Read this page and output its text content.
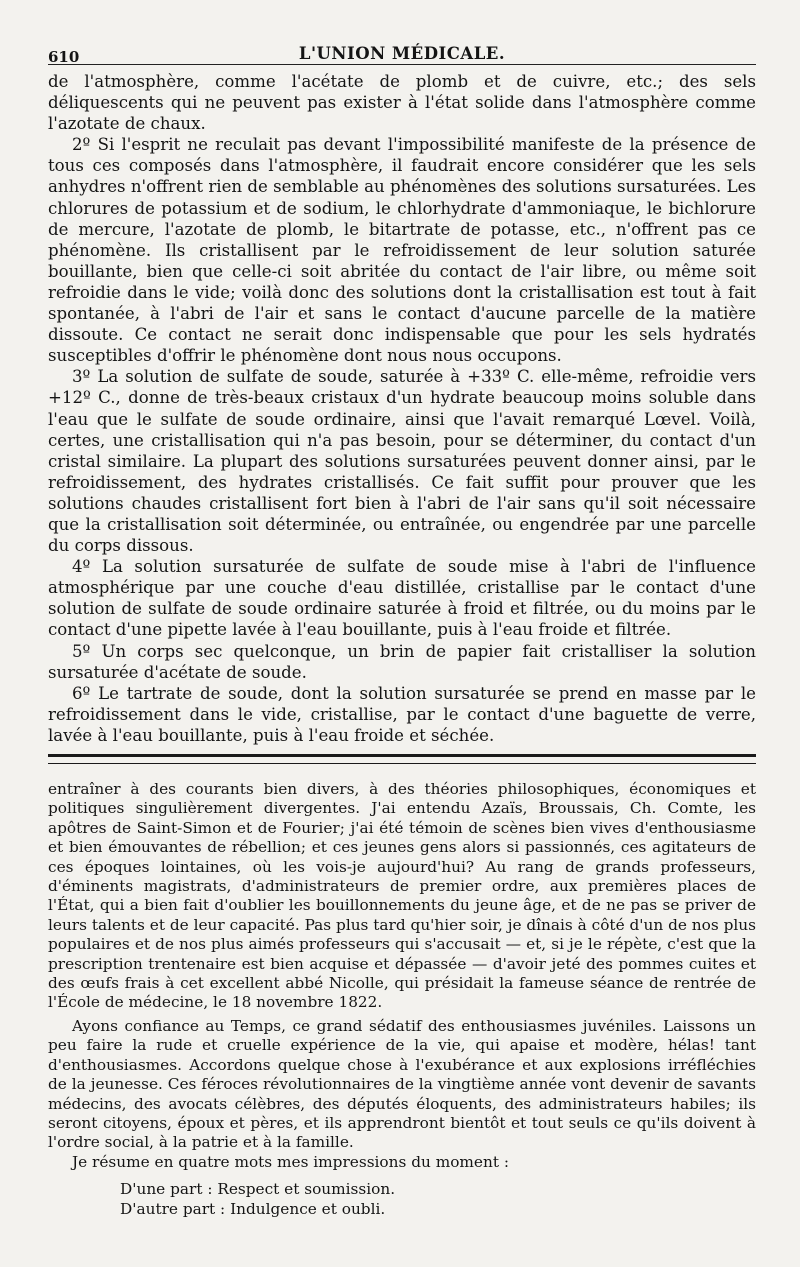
610	L'UNION MÉDICALE.

de l'atmosphère, comme l'acétate de plomb et de cuivre, etc.; des sels déliquescents qui ne peuvent pas exister à l'état solide dans l'atmosphère comme l'azotate de chaux.

2º Si l'esprit ne reculait pas devant l'impossibilité manifeste de la présence de tous ces composés dans l'atmosphère, il faudrait encore considérer que les sels anhydres n'offrent rien de semblable au phénomènes des solutions sursaturées. Les chlorures de potassium et de sodium, le chlorhydrate d'ammoniaque, le bichlorure de mercure, l'azotate de plomb, le bitartrate de potasse, etc., n'offrent pas ce phénomène. Ils cristallisent par le refroidissement de leur solution saturée bouillante, bien que celle-ci soit abritée du contact de l'air libre, ou même soit refroidie dans le vide; voilà donc des solutions dont la cristallisation est tout à fait spontanée, à l'abri de l'air et sans le contact d'aucune parcelle de la matière dissoute. Ce contact ne serait donc indispensable que pour les sels hydratés susceptibles d'offrir le phénomène dont nous nous occupons.

3º La solution de sulfate de soude, saturée à +33º C. elle-même, refroidie vers +12º C., donne de très-beaux cristaux d'un hydrate beaucoup moins soluble dans l'eau que le sulfate de soude ordinaire, ainsi que l'avait remarqué Lœvel. Voilà, certes, une cristallisation qui n'a pas besoin, pour se déterminer, du contact d'un cristal similaire. La plupart des solutions sursaturées peuvent donner ainsi, par le refroidissement, des hydrates cristallisés. Ce fait suffit pour prouver que les solutions chaudes cristallisent fort bien à l'abri de l'air sans qu'il soit nécessaire que la cristallisation soit déterminée, ou entraînée, ou engendrée par une parcelle du corps dissous.

4º La solution sursaturée de sulfate de soude mise à l'abri de l'influence atmosphérique par une couche d'eau distillée, cristallise par le contact d'une solution de sulfate de soude ordinaire saturée à froid et filtrée, ou du moins par le contact d'une pipette lavée à l'eau bouillante, puis à l'eau froide et filtrée.

5º Un corps sec quelconque, un brin de papier fait cristalliser la solution sursaturée d'acétate de soude.

6º Le tartrate de soude, dont la solution sursaturée se prend en masse par le refroidissement dans le vide, cristallise, par le contact d'une baguette de verre, lavée à l'eau bouillante, puis à l'eau froide et séchée.

entraîner à des courants bien divers, à des théories philosophiques, économiques et politiques singulièrement divergentes. J'ai entendu Azaïs, Broussais, Ch. Comte, les apôtres de Saint-Simon et de Fourier; j'ai été témoin de scènes bien vives d'enthousiasme et bien émouvantes de rébellion; et ces jeunes gens alors si passionnés, ces agitateurs de ces époques lointaines, où les vois-je aujourd'hui? Au rang de grands professeurs, d'éminents magistrats, d'administrateurs de premier ordre, aux premières places de l'État, qui a bien fait d'oublier les bouillonnements du jeune âge, et de ne pas se priver de leurs talents et de leur capacité. Pas plus tard qu'hier soir, je dînais à côté d'un de nos plus populaires et de nos plus aimés professeurs qui s'accusait — et, si je le répète, c'est que la prescription trentenaire est bien acquise et dépassée — d'avoir jeté des pommes cuites et des œufs frais à cet excellent abbé Nicolle, qui présidait la fameuse séance de rentrée de l'École de médecine, le 18 novembre 1822.

Ayons confiance au Temps, ce grand sédatif des enthousiasmes juvéniles. Laissons un peu faire la rude et cruelle expérience de la vie, qui apaise et modère, hélas! tant d'enthousiasmes. Accordons quelque chose à l'exubérance et aux explosions irréfléchies de la jeunesse. Ces féroces révolutionnaires de la vingtième année vont devenir de savants médecins, des avocats célèbres, des députés éloquents, des administrateurs habiles; ils seront citoyens, époux et pères, et ils apprendront bientôt et tout seuls ce qu'ils doivent à l'ordre social, à la patrie et à la famille.

Je résume en quatre mots mes impressions du moment :

D'une part : Respect et soumission.
D'autre part : Indulgence et oubli.
